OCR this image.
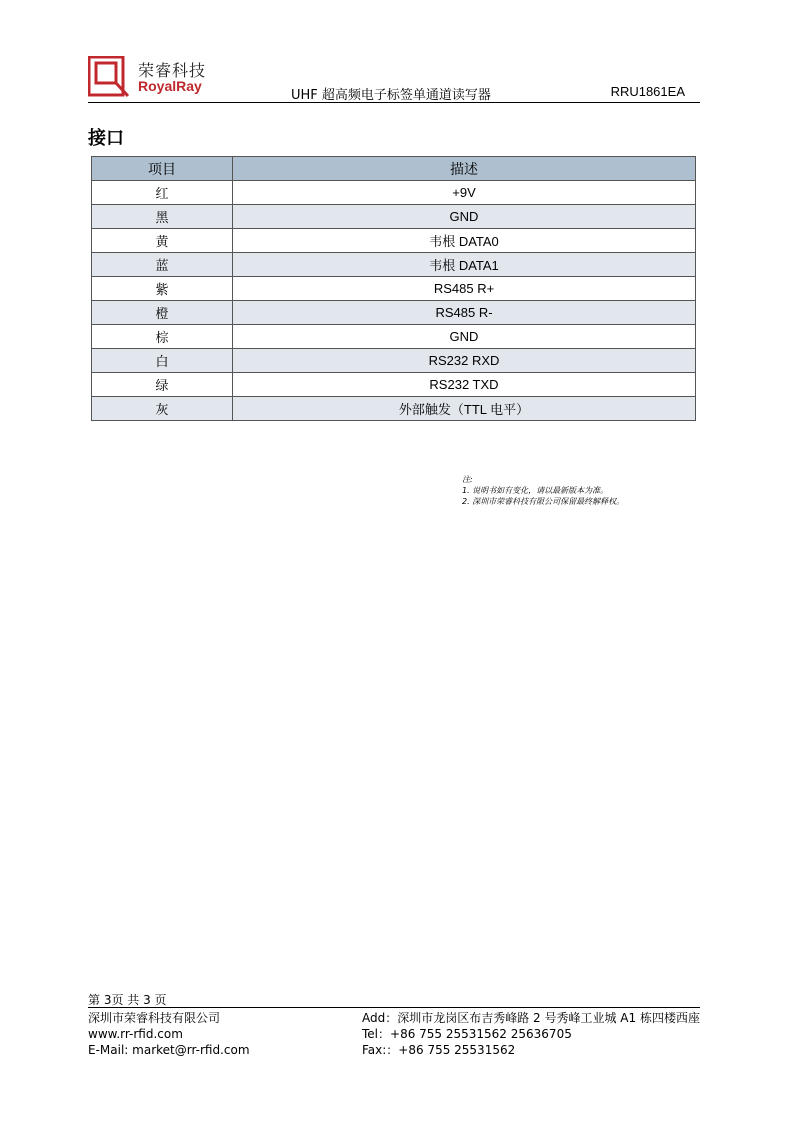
荣睿科技
RoyalRay
UHF 超高频电子标签单通道读写器	RRU1861EA
接口
项目	描述
红	+9V
黑	GND
黄	韦根 DATA0
蓝	韦根 DATA1
紫	RS485 R+
橙	RS485 R-
棕	GND
白	RS232 RXD
绿	RS232 TXD
灰	外部触发（TTL 电平）
注:
1. 说明书如有变化，请以最新版本为准。
2. 深圳市荣睿科技有限公司保留最终解释权。
第 3页 共 3 页
深圳市荣睿科技有限公司
www.rr-rfid.com
E-Mail: market@rr-rfid.com
Add：深圳市龙岗区布吉秀峰路 2 号秀峰工业城 A1 栋四楼西座
Tel：+86 755 25531562 25636705
Fax:：+86 755 25531562
